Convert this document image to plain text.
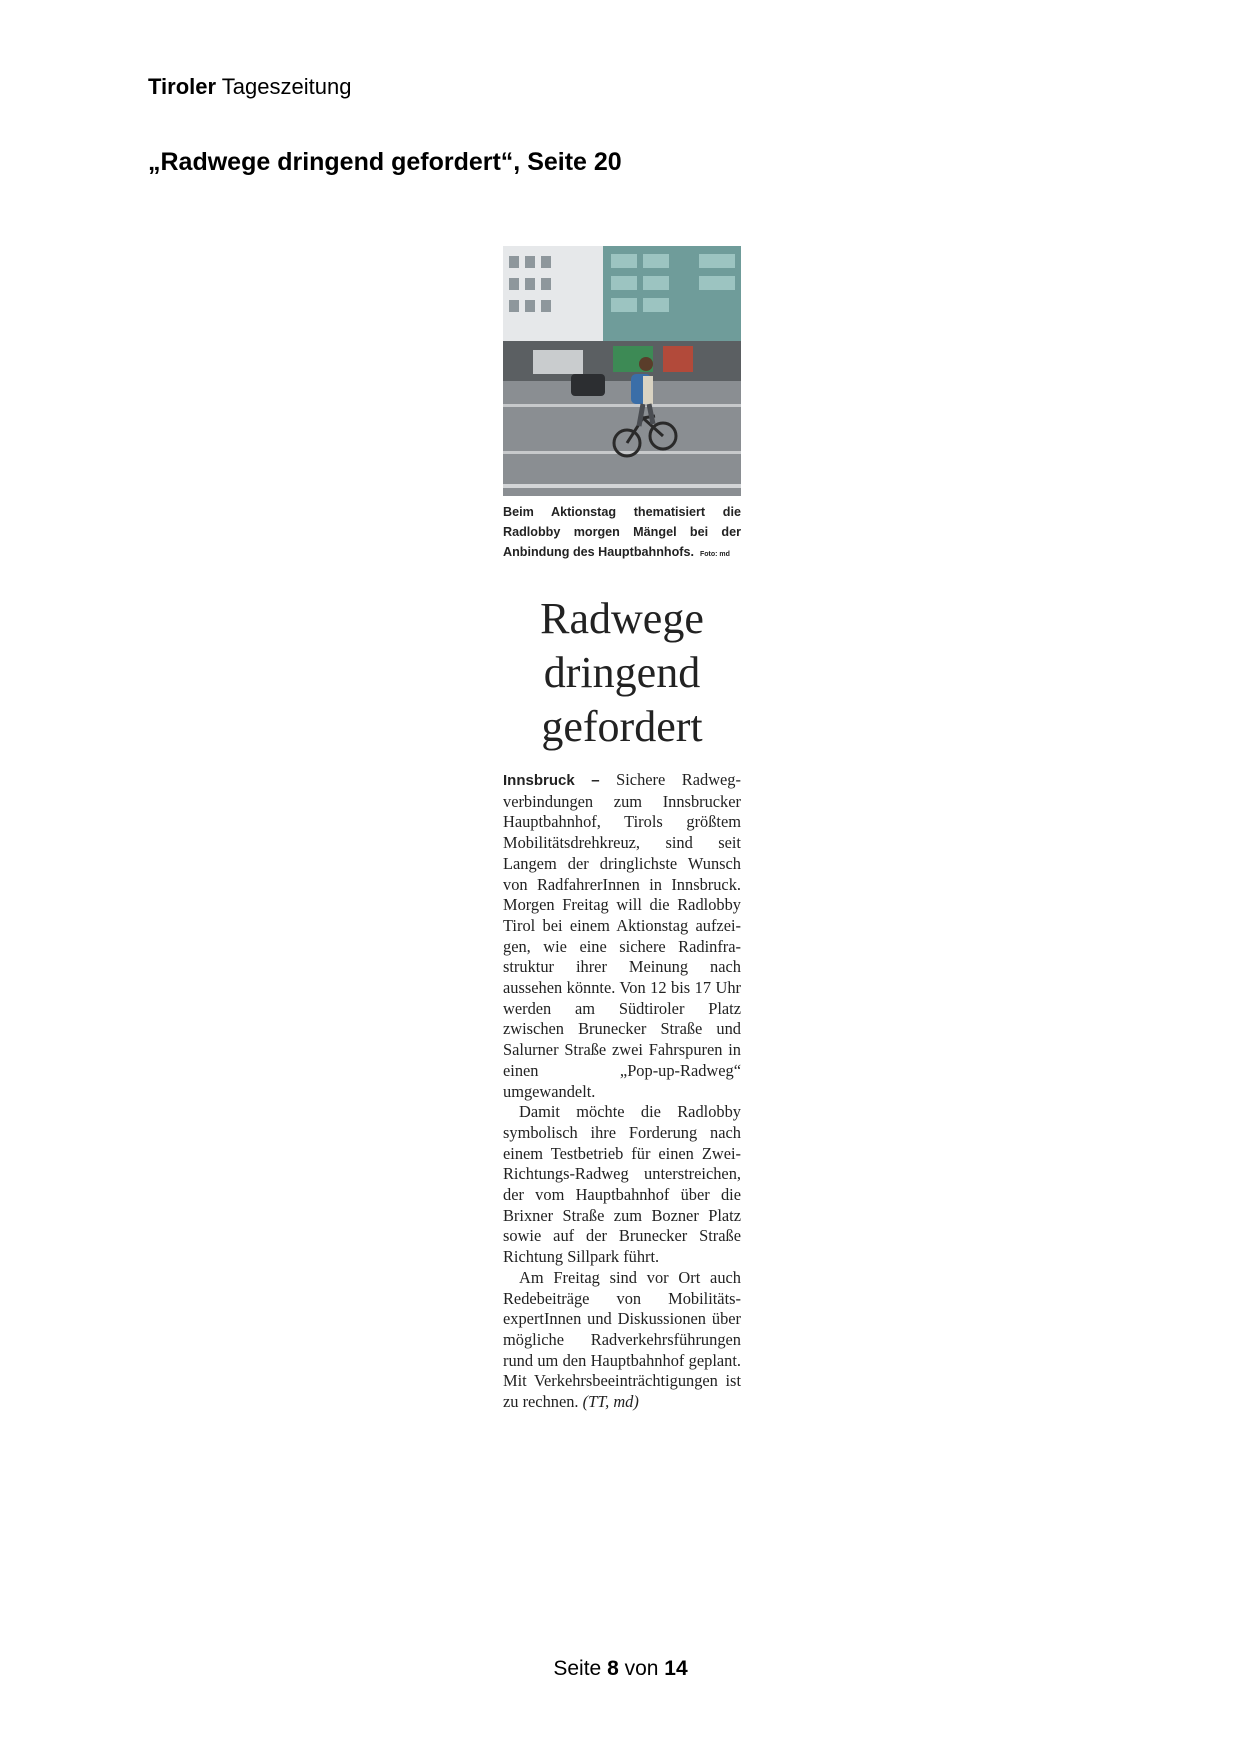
Tiroler Tageszeitung
„Radwege dringend gefordert“, Seite 20
Beim Aktionstag thematisiert die Radlobby morgen Mängel bei der Anbindung des Hauptbahnhofs. Foto: md
Radwege
dringend
gefordert

Innsbruck – Sichere Radwegverbindungen zum Innsbrucker Hauptbahnhof, Tirols größtem Mobilitätsdrehkreuz, sind seit Langem der dringlichste Wunsch von RadfahrerInnen in Innsbruck. Morgen Freitag will die Radlobby Tirol bei einem Aktionstag aufzeigen, wie eine sichere Radinfrastruktur ihrer Meinung nach aussehen könnte. Von 12 bis 17 Uhr werden am Südtiroler Platz zwischen Brunecker Straße und Salurner Straße zwei Fahrspuren in einen „Pop-up-Radweg“ umgewandelt.

Damit möchte die Radlobby symbolisch ihre Forderung nach einem Testbetrieb für einen Zwei-Richtungs-Radweg unterstreichen, der vom Hauptbahnhof über die Brixner Straße zum Bozner Platz sowie auf der Brunecker Straße Richtung Sillpark führt.

Am Freitag sind vor Ort auch Redebeiträge von MobilitätsexpertInnen und Diskussionen über mögliche Radverkehrsführungen rund um den Hauptbahnhof geplant. Mit Verkehrsbeeinträchtigungen ist zu rechnen. (TT, md)

Seite 8 von 14
